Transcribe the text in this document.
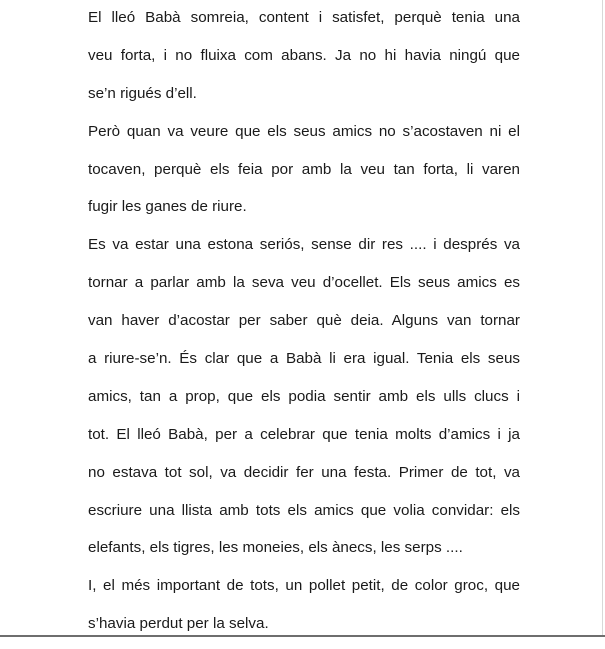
El lleó Babà somreia, content i satisfet, perquè tenia una
veu forta, i no fluixa com abans. Ja no hi havia ningú que
se’n rigués d’ell.
Però quan va veure que els seus amics no s’acostaven ni el
tocaven, perquè els feia por amb la veu tan forta, li varen
fugir les ganes de riure.
Es va estar una estona seriós, sense dir res .... i després va
tornar a parlar amb la seva veu d’ocellet. Els seus amics es
van haver d’acostar per saber què deia. Alguns van tornar
a riure-se’n. És clar que a Babà li era igual. Tenia els seus
amics, tan a prop, que els podia sentir amb els ulls clucs i
tot. El lleó Babà, per a celebrar que tenia molts d’amics i ja
no estava tot sol, va decidir fer una festa. Primer de tot, va
escriure una llista amb tots els amics que volia convidar: els
elefants, els tigres, les moneies, els ànecs, les serps ....
I, el més important de tots, un pollet petit, de color groc, que
s’havia perdut per la selva.
